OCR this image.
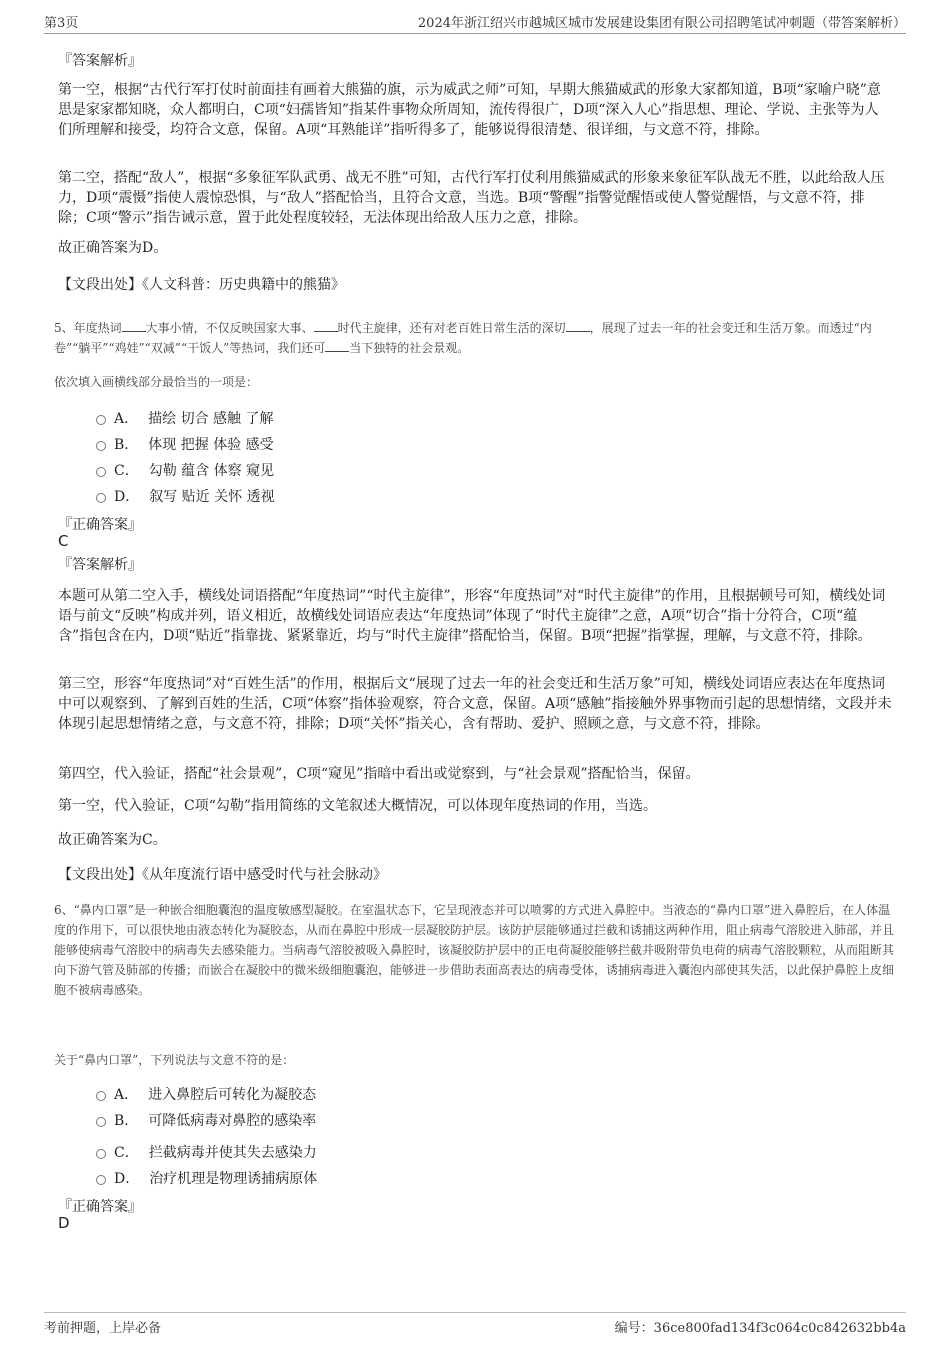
第3页	2024年浙江绍兴市越城区城市发展建设集团有限公司招聘笔试冲刺题（带答案解析）
『答案解析』
第一空，根据“古代行军打仗时前面挂有画着大熊猫的旗，示为威武之师”可知，早期大熊猫威武的形象大家都知道，B项“家喻户晓”意思是家家都知晓，众人都明白，C项“妇孺皆知”指某件事物众所周知，流传得很广，D项“深入人心”指思想、理论、学说、主张等为人们所理解和接受，均符合文意，保留。A项“耳熟能详”指听得多了，能够说得很清楚、很详细，与文意不符，排除。
第二空，搭配“敌人”，根据“多象征军队武勇、战无不胜”可知，古代行军打仗利用熊猫威武的形象来象征军队战无不胜，以此给敌人压力，D项“震慑”指使人震惊恐惧，与“敌人”搭配恰当，且符合文意，当选。B项“警醒”指警觉醒悟或使人警觉醒悟，与文意不符，排除；C项“警示”指告诫示意，置于此处程度较轻，无法体现出给敌人压力之意，排除。
故正确答案为D。
【文段出处】《人文科普：历史典籍中的熊猫》
5、年度热词 大事小情，不仅反映国家大事、 时代主旋律，还有对老百姓日常生活的深切 ，展现了过去一年的社会变迁和生活万象。而透过“内卷”“躺平”“鸡娃”“双减”“干饭人”等热词，我们还可 当下独特的社会景观。
依次填入画横线部分最恰当的一项是：
A． 描绘 切合 感触 了解
B． 体现 把握 体验 感受
C． 勾勒 蕴含 体察 窥见
D． 叙写 贴近 关怀 透视
『正确答案』
C
『答案解析』
本题可从第二空入手，横线处词语搭配“年度热词”“时代主旋律”，形容“年度热词”对“时代主旋律”的作用，且根据顿号可知，横线处词语与前文“反映”构成并列，语义相近，故横线处词语应表达“年度热词”体现了“时代主旋律”之意，A项“切合”指十分符合，C项“蕴含”指包含在内，D项“贴近”指靠拢、紧紧靠近，均与“时代主旋律”搭配恰当，保留。B项“把握”指掌握，理解，与文意不符，排除。
第三空，形容“年度热词”对“百姓生活”的作用，根据后文“展现了过去一年的社会变迁和生活万象”可知，横线处词语应表达在年度热词中可以观察到、了解到百姓的生活，C项“体察”指体验观察，符合文意，保留。A项“感触”指接触外界事物而引起的思想情绪，文段并未体现引起思想情绪之意，与文意不符，排除；D项“关怀”指关心，含有帮助、爱护、照顾之意，与文意不符，排除。
第四空，代入验证，搭配“社会景观”，C项“窥见”指暗中看出或觉察到，与“社会景观”搭配恰当，保留。
第一空，代入验证，C项“勾勒”指用简练的文笔叙述大概情况，可以体现年度热词的作用，当选。
故正确答案为C。
【文段出处】《从年度流行语中感受时代与社会脉动》
6、“鼻内口罩”是一种嵌合细胞囊泡的温度敏感型凝胶。在室温状态下，它呈现液态并可以喷雾的方式进入鼻腔中。当液态的“鼻内口罩”进入鼻腔后，在人体温度的作用下，可以很快地由液态转化为凝胶态，从而在鼻腔中形成一层凝胶防护层。该防护层能够通过拦截和诱捕这两种作用，阻止病毒气溶胶进入肺部，并且能够使病毒气溶胶中的病毒失去感染能力。当病毒气溶胶被吸入鼻腔时，该凝胶防护层中的正电荷凝胶能够拦截并吸附带负电荷的病毒气溶胶颗粒，从而阻断其向下游气管及肺部的传播；而嵌合在凝胶中的微米级细胞囊泡，能够进一步借助表面高表达的病毒受体，诱捕病毒进入囊泡内部使其失活，以此保护鼻腔上皮细胞不被病毒感染。
关于“鼻内口罩”，下列说法与文意不符的是：
A． 进入鼻腔后可转化为凝胶态
B． 可降低病毒对鼻腔的感染率
C． 拦截病毒并使其失去感染力
D． 治疗机理是物理诱捕病原体
『正确答案』
D
考前押题，上岸必备	编号：36ce800fad134f3c064c0c842632bb4a
